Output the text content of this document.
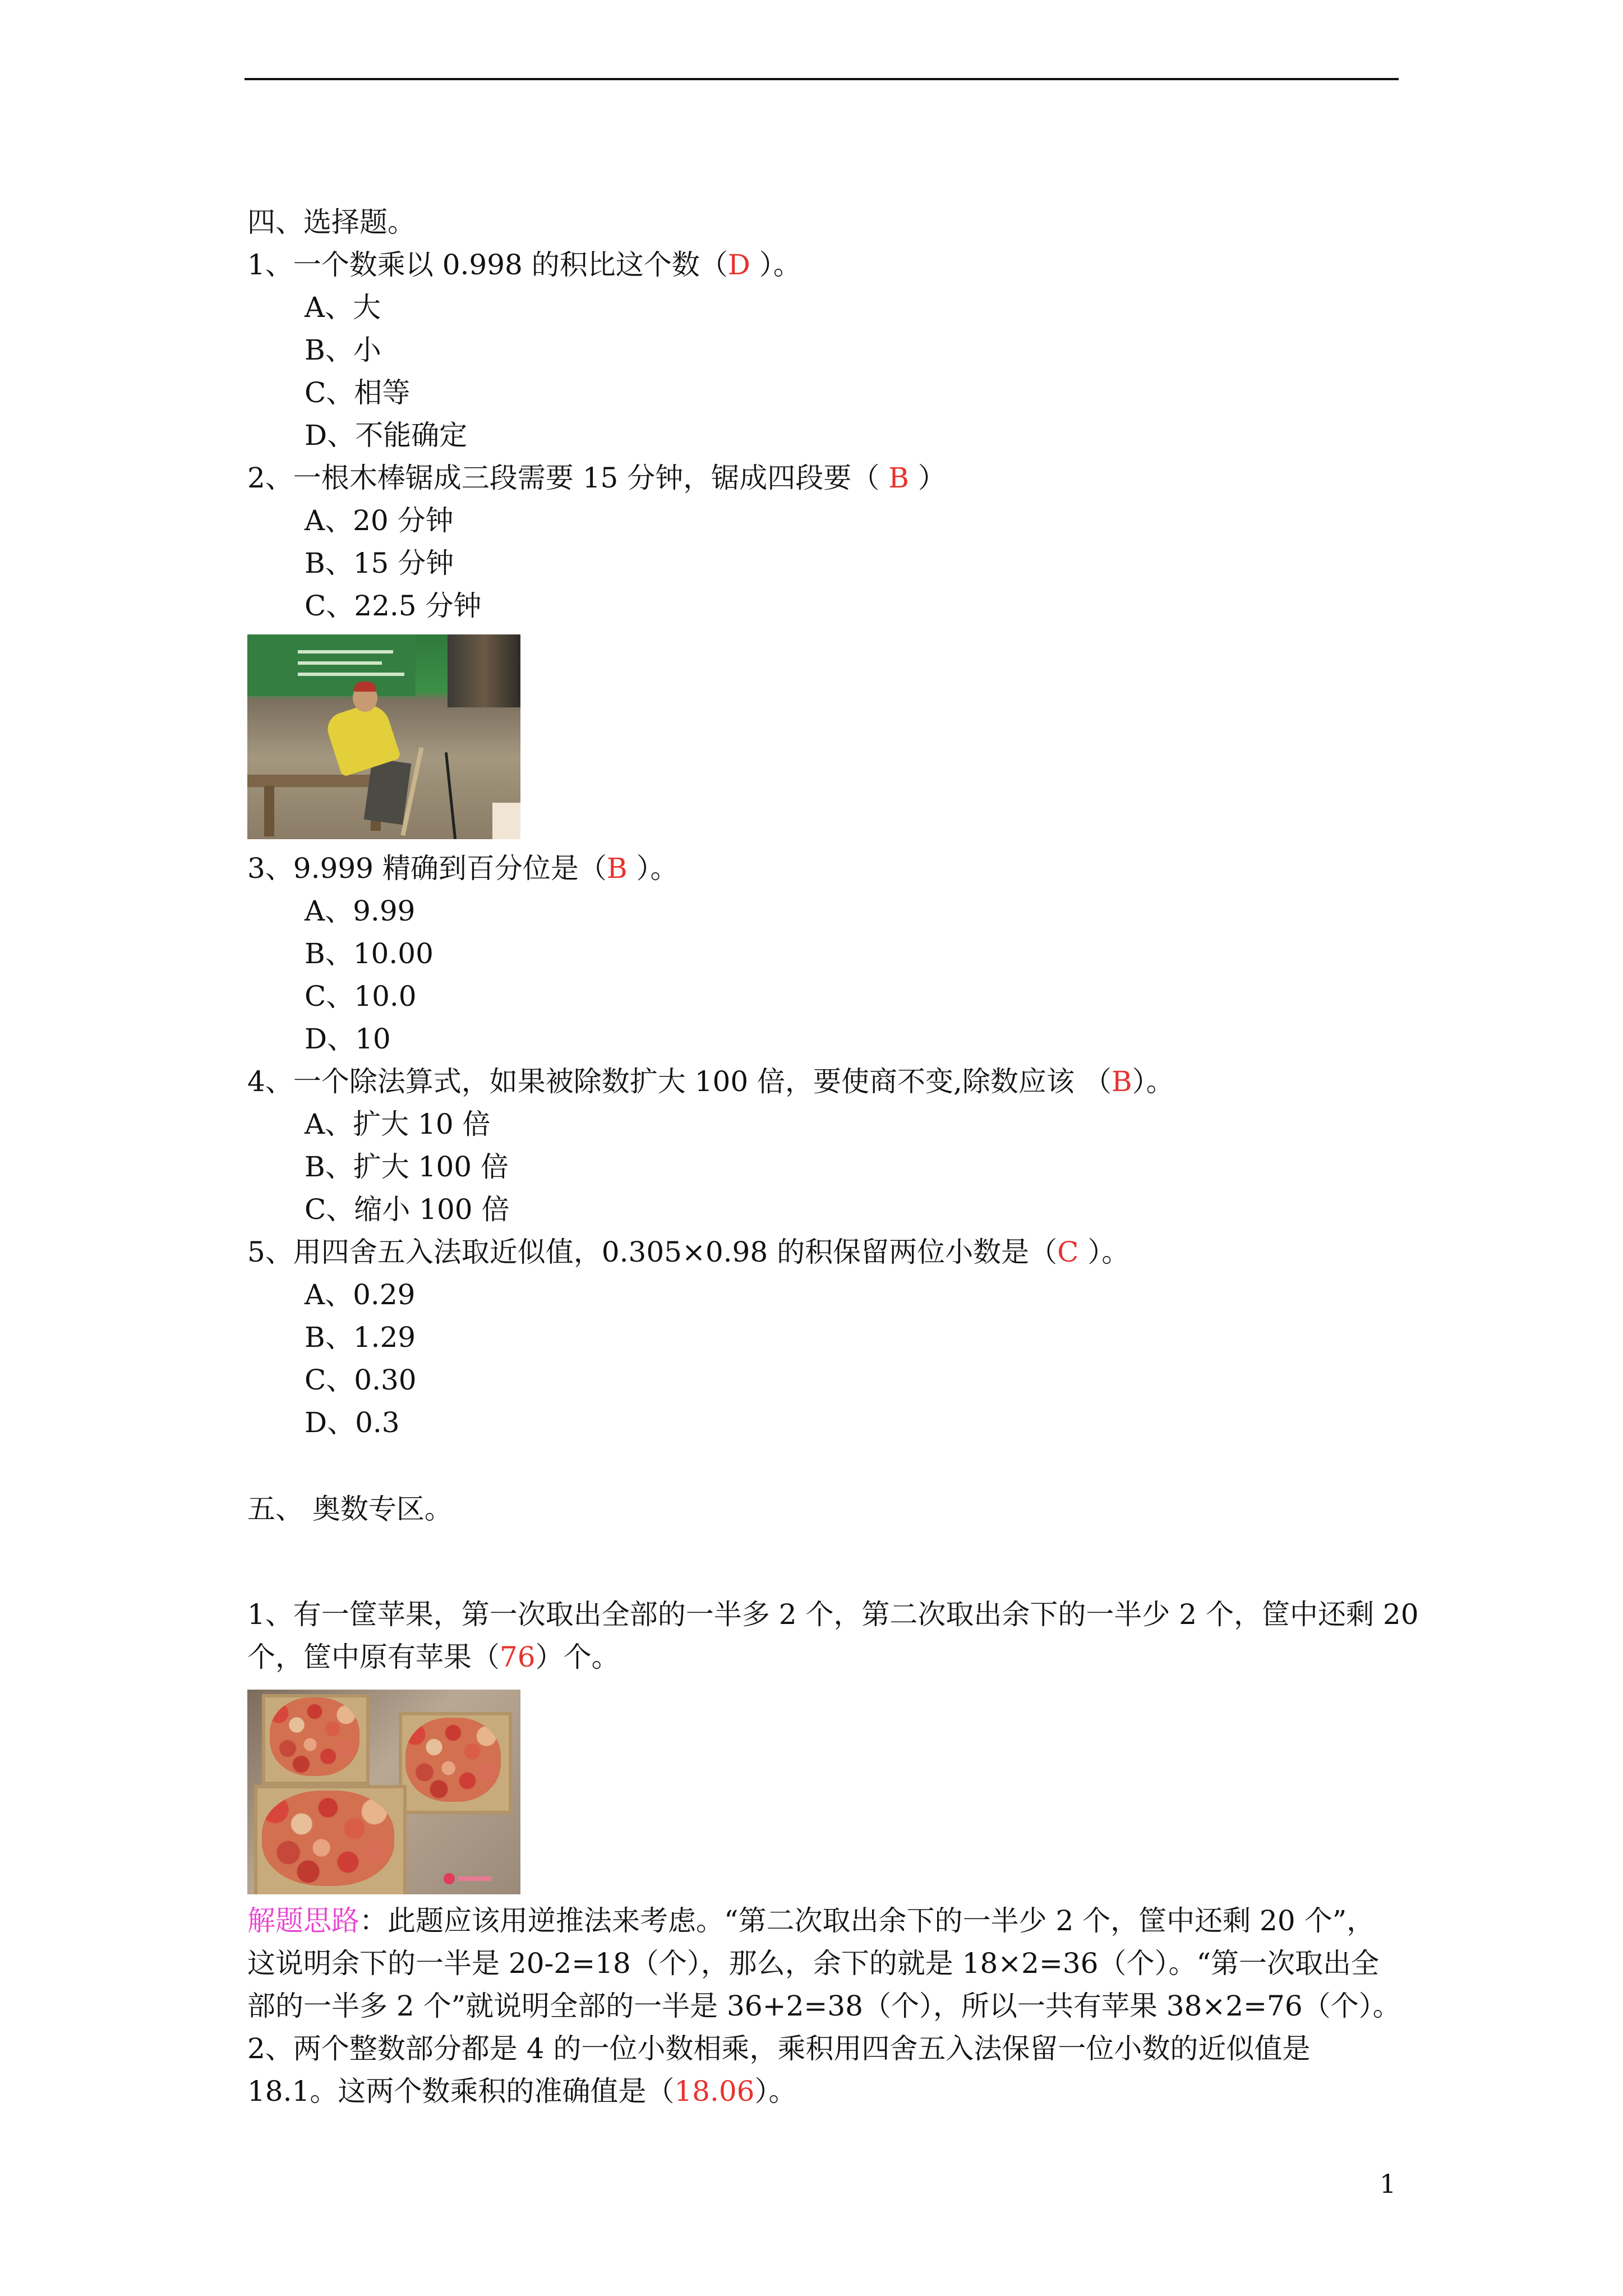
四、选择题。
1、一个数乘以 0.998 的积比这个数（D ）。
A、大
B、小
C、相等
D、不能确定
2、一根木棒锯成三段需要 15 分钟，锯成四段要（ B ）
A、20 分钟
B、15 分钟
C、22.5 分钟
3、9.999 精确到百分位是（B ）。
A、9.99
B、10.00
C、10.0
D、10
4、一个除法算式，如果被除数扩大 100 倍，要使商不变,除数应该 （B）。
A、扩大 10 倍
B、扩大 100 倍
C、缩小 100 倍
5、用四舍五入法取近似值，0.305×0.98 的积保留两位小数是（C ）。
A、0.29
B、1.29
C、0.30
D、0.3
五、 奥数专区。
1、有一筐苹果，第一次取出全部的一半多 2 个，第二次取出余下的一半少 2 个，筐中还剩 20
个，筐中原有苹果（76）个。
解题思路：此题应该用逆推法来考虑。“第二次取出余下的一半少 2 个，筐中还剩 20 个”，
这说明余下的一半是 20-2=18（个），那么，余下的就是 18×2=36（个）。“第一次取出全
部的一半多 2 个”就说明全部的一半是 36+2=38（个），所以一共有苹果 38×2=76（个）。
2、两个整数部分都是 4 的一位小数相乘，乘积用四舍五入法保留一位小数的近似值是
18.1。这两个数乘积的准确值是（18.06）。
1
